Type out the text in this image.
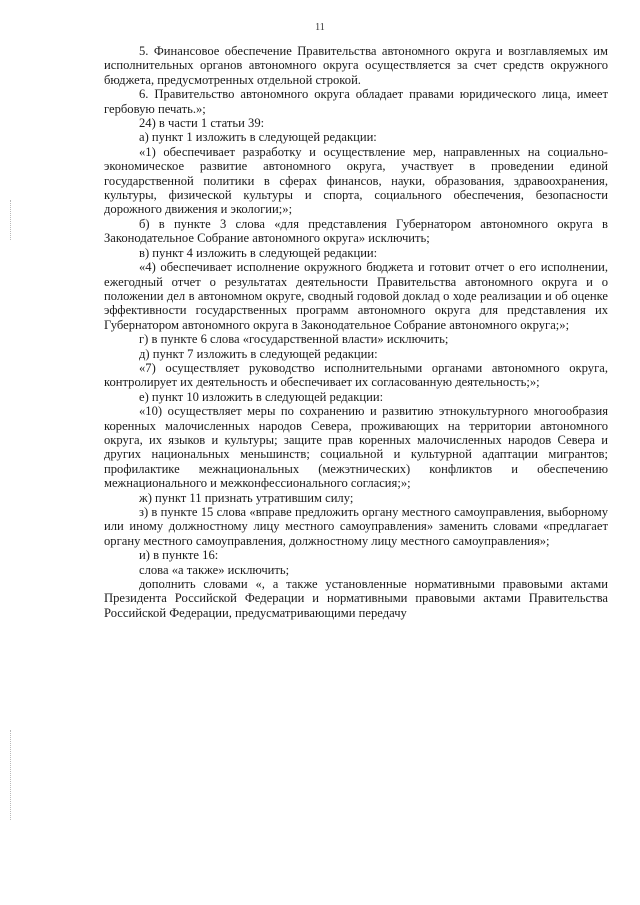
11

5. Финансовое обеспечение Правительства автономного округа и возглавляемых им исполнительных органов автономного округа осуществляется за счет средств окружного бюджета, предусмотренных отдельной строкой.

6. Правительство автономного округа обладает правами юридического лица, имеет гербовую печать.»;

24) в части 1 статьи 39:

а) пункт 1 изложить в следующей редакции:

«1) обеспечивает разработку и осуществление мер, направленных на социально-экономическое развитие автономного округа, участвует в проведении единой государственной политики в сферах финансов, науки, образования, здравоохранения, культуры, физической культуры и спорта, социального обеспечения, безопасности дорожного движения и экологии;»;

б) в пункте 3 слова «для представления Губернатором автономного округа в Законодательное Собрание автономного округа» исключить;

в) пункт 4 изложить в следующей редакции:

«4) обеспечивает исполнение окружного бюджета и готовит отчет о его исполнении, ежегодный отчет о результатах деятельности Правительства автономного округа и о положении дел в автономном округе, сводный годовой доклад о ходе реализации и об оценке эффективности государственных программ автономного округа для представления их Губернатором автономного округа в Законодательное Собрание автономного округа;»;

г) в пункте 6 слова «государственной власти» исключить;

д) пункт 7 изложить в следующей редакции:

«7) осуществляет руководство исполнительными органами автономного округа, контролирует их деятельность и обеспечивает их согласованную деятельность;»;

е) пункт 10 изложить в следующей редакции:

«10) осуществляет меры по сохранению и развитию этнокультурного многообразия коренных малочисленных народов Севера, проживающих на территории автономного округа, их языков и культуры; защите прав коренных малочисленных народов Севера и других национальных меньшинств; социальной и культурной адаптации мигрантов; профилактике межнациональных (межэтнических) конфликтов и обеспечению межнационального и межконфессионального согласия;»;

ж) пункт 11 признать утратившим силу;

з) в пункте 15 слова «вправе предложить органу местного самоуправления, выборному или иному должностному лицу местного самоуправления» заменить словами «предлагает органу местного самоуправления, должностному лицу местного самоуправления»;

и) в пункте 16:

слова «а также» исключить;

дополнить словами «, а также установленные нормативными правовыми актами Президента Российской Федерации и нормативными правовыми актами Правительства Российской Федерации, предусматривающими передачу
